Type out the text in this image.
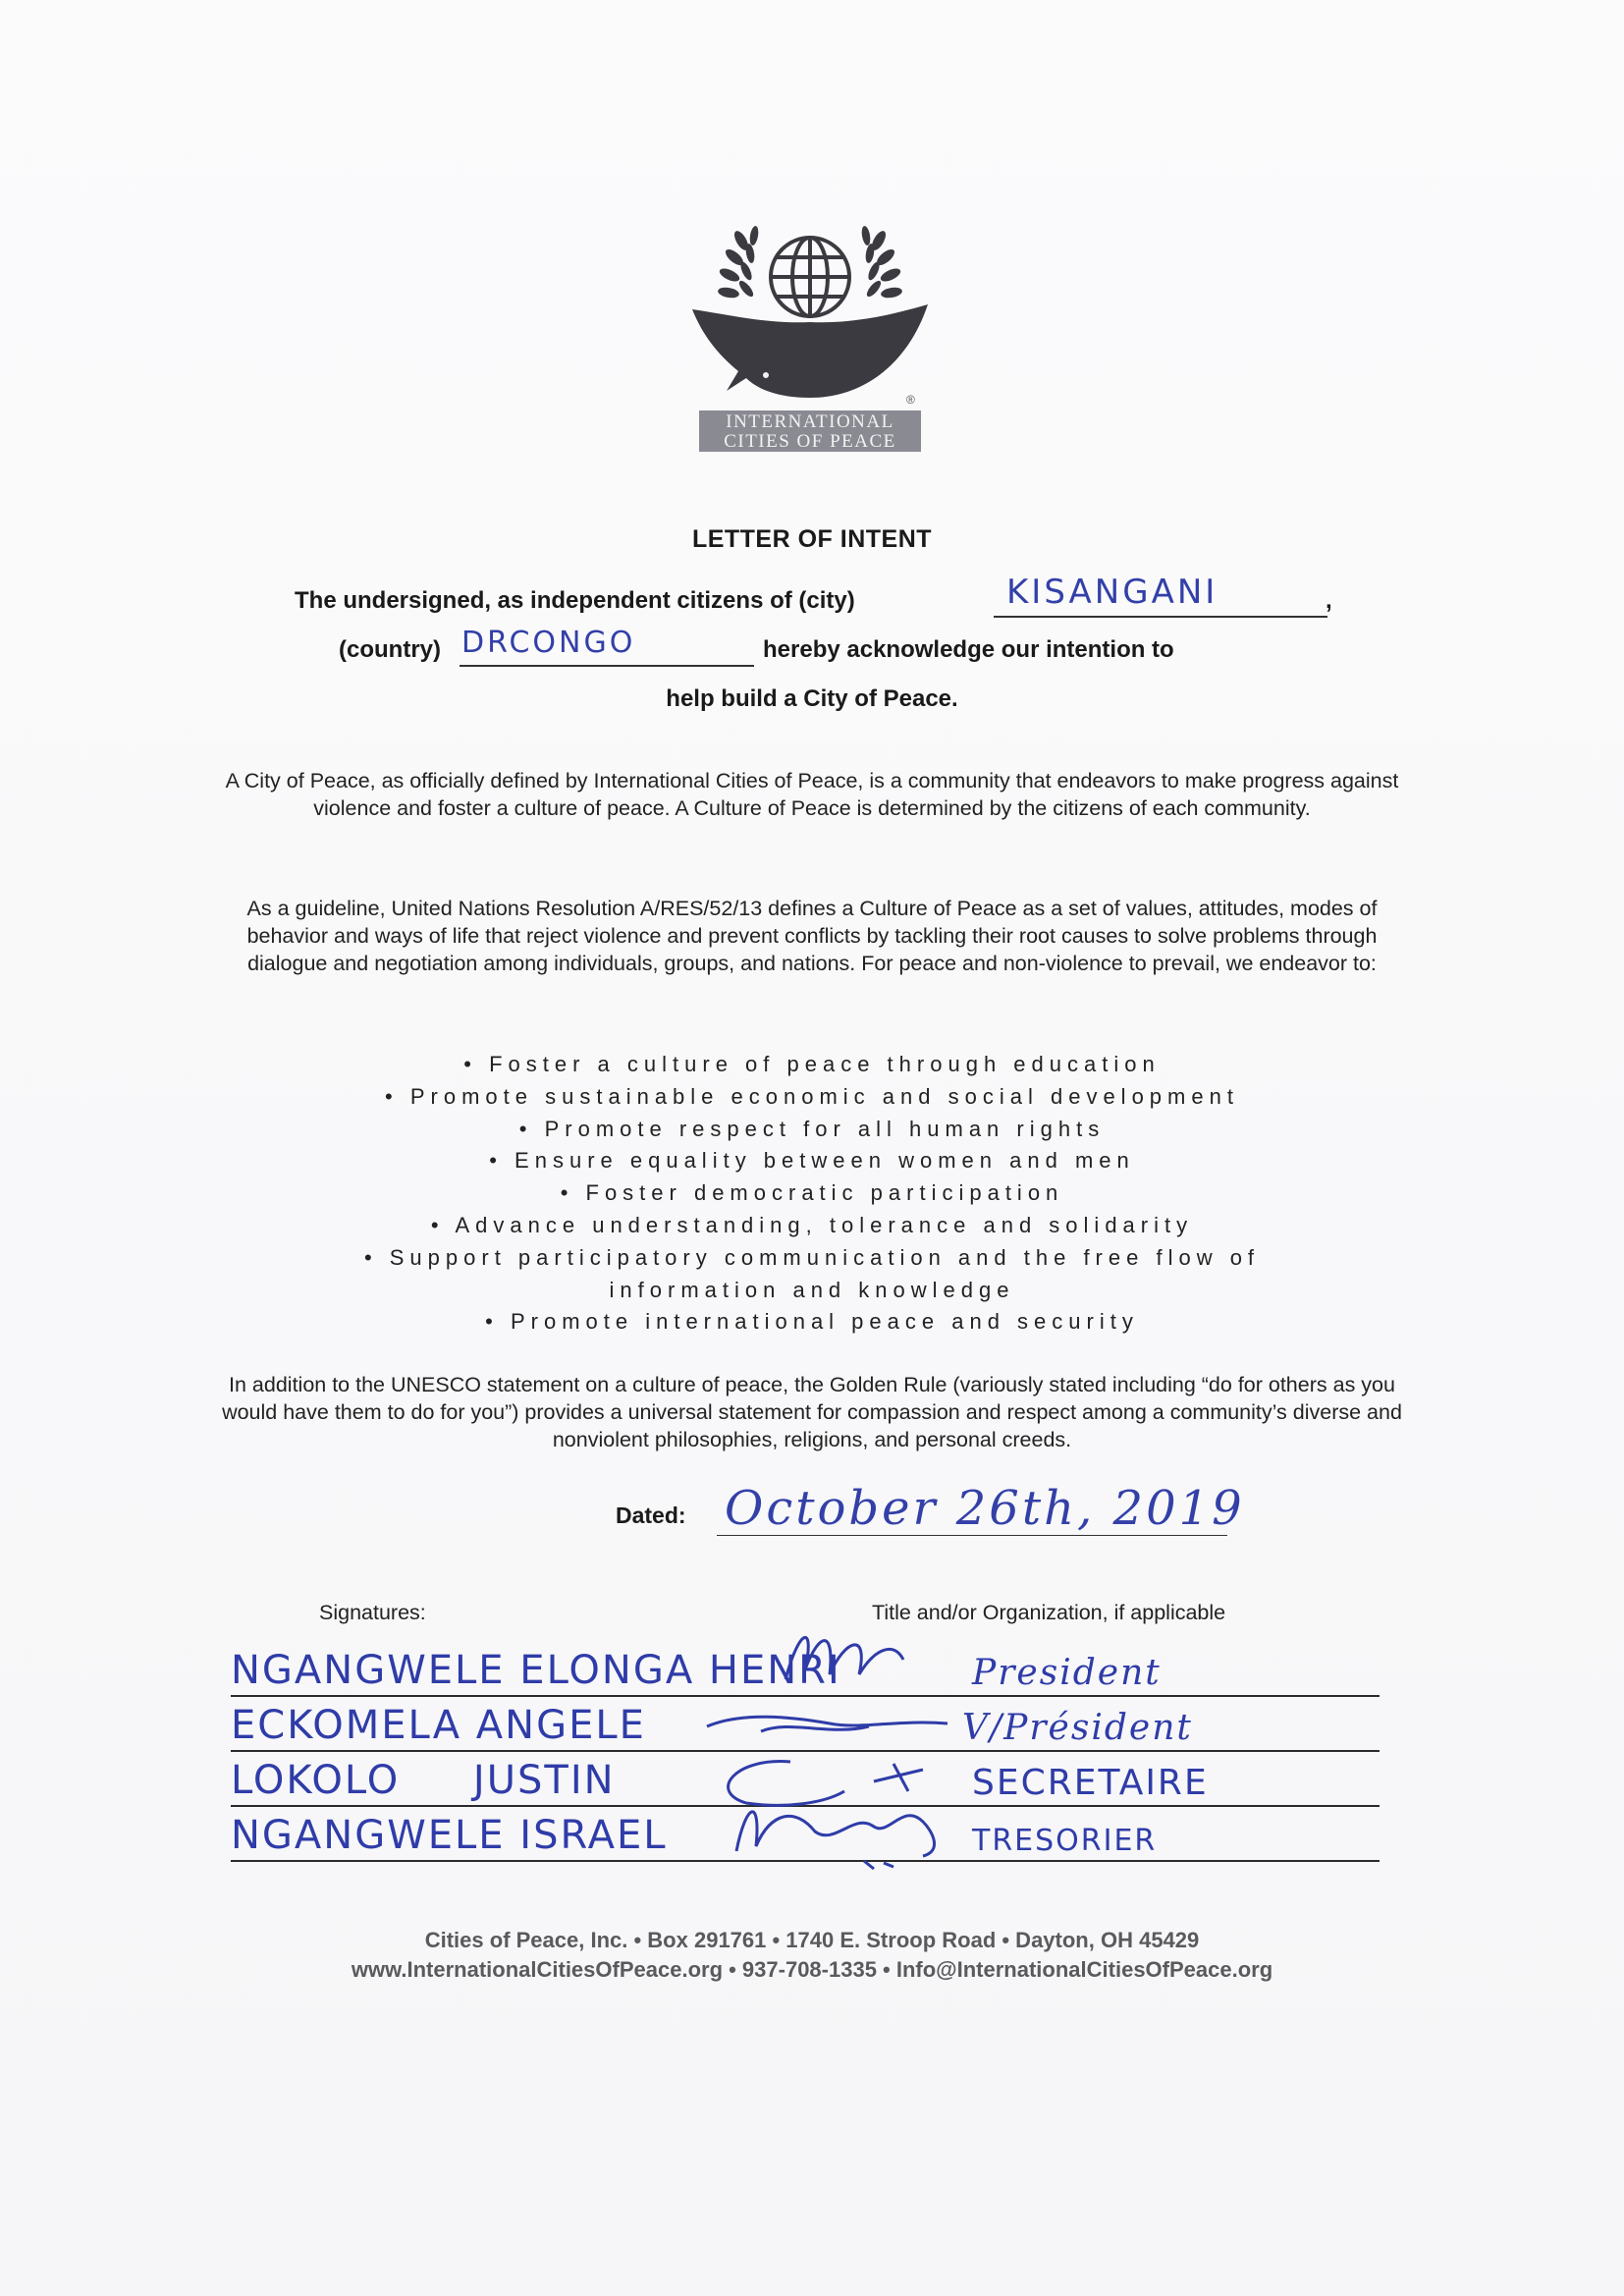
INTERNATIONAL
CITIES OF PEACE
®
LETTER OF INTENT
The undersigned, as independent citizens of (city)	KISANGANI	,
(country) DRCONGO	hereby acknowledge our intention to
help build a City of Peace.
A City of Peace, as officially defined by International Cities of Peace, is a community that endeavors to make progress against violence and foster a culture of peace. A Culture of Peace is determined by the citizens of each community.
As a guideline, United Nations Resolution A/RES/52/13 defines a Culture of Peace as a set of values, attitudes, modes of behavior and ways of life that reject violence and prevent conflicts by tackling their root causes to solve problems through dialogue and negotiation among individuals, groups, and nations. For peace and non-violence to prevail, we endeavor to:
• Foster a culture of peace through education
• Promote sustainable economic and social development
• Promote respect for all human rights
• Ensure equality between women and men
• Foster democratic participation
• Advance understanding, tolerance and solidarity
• Support participatory communication and the free flow of
information and knowledge
• Promote international peace and security
In addition to the UNESCO statement on a culture of peace, the Golden Rule (variously stated including “do for others as you would have them to do for you”) provides a universal statement for compassion and respect among a community’s diverse and nonviolent philosophies, religions, and personal creeds.
Dated: October 26th, 2019
Signatures:	Title and/or Organization, if applicable
NGANGWELE ELONGA HENRI	President
ECKOMELA ANGELE	V/Président
LOKOLO JUSTIN	SECRETAIRE
NGANGWELE ISRAEL	TRESORIER
Cities of Peace, Inc. • Box 291761 • 1740 E. Stroop Road • Dayton, OH 45429
www.InternationalCitiesOfPeace.org • 937-708-1335 • Info@InternationalCitiesOfPeace.org
